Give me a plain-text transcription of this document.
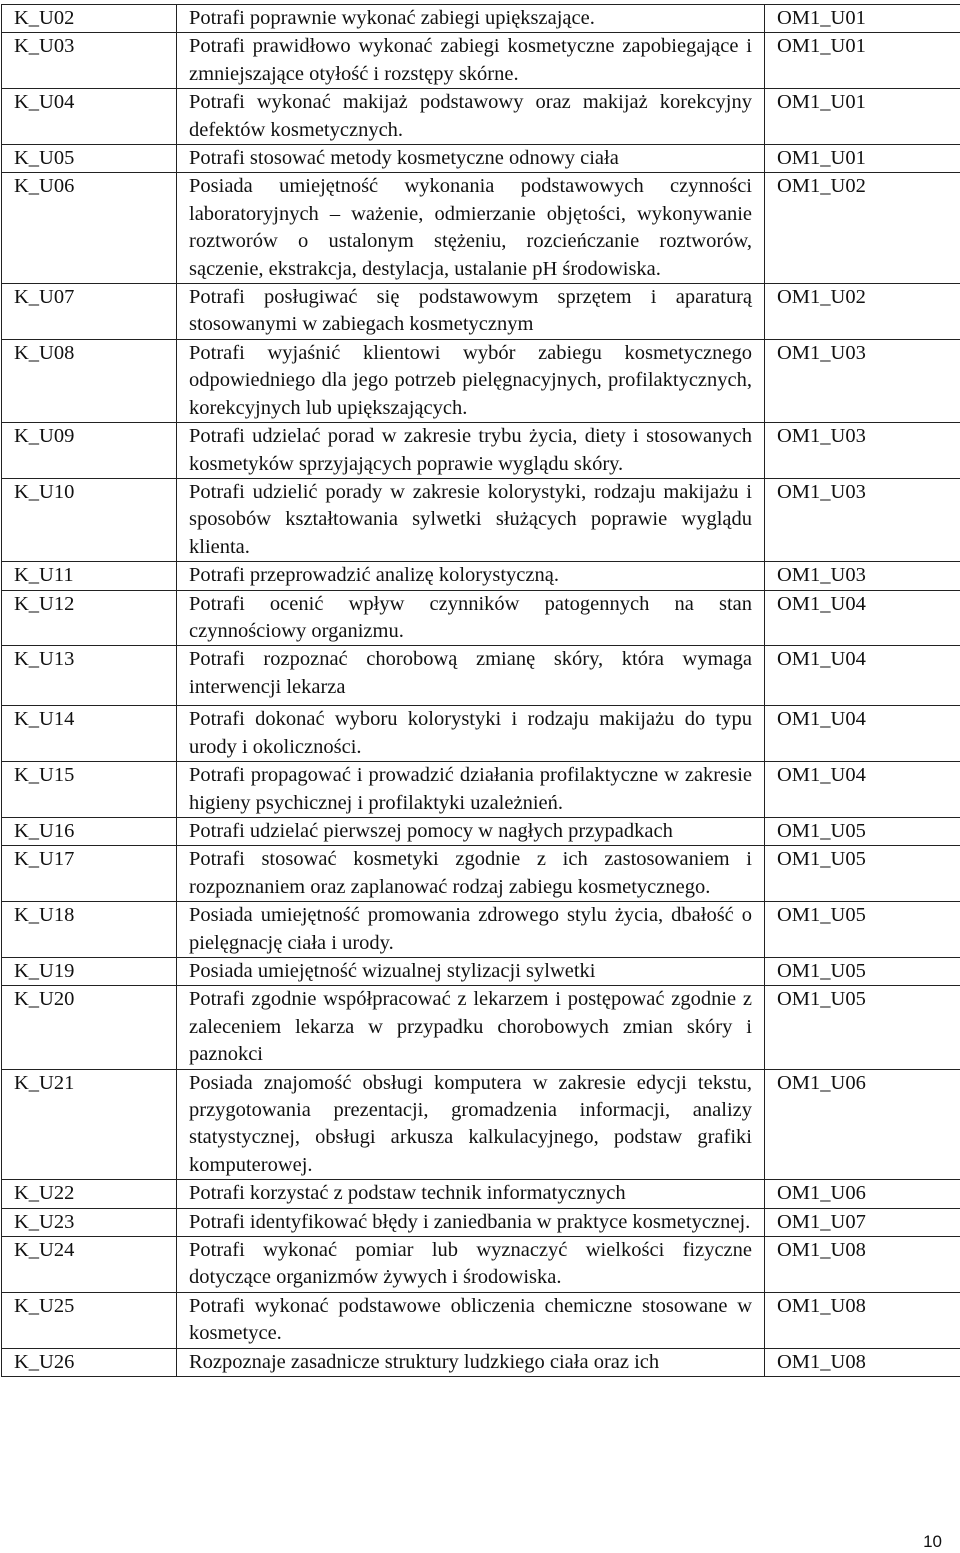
K_U02	Potrafi poprawnie wykonać zabiegi upiększające.	OM1_U01
K_U03	Potrafi prawidłowo wykonać zabiegi kosmetyczne zapobiegające i zmniejszające otyłość i rozstępy skórne.	OM1_U01
K_U04	Potrafi wykonać makijaż podstawowy oraz makijaż korekcyjny defektów kosmetycznych.	OM1_U01
K_U05	Potrafi stosować metody kosmetyczne odnowy ciała	OM1_U01
K_U06	Posiada umiejętność wykonania podstawowych czynności laboratoryjnych – ważenie, odmierzanie objętości, wykonywanie roztworów o ustalonym stężeniu, rozcieńczanie roztworów, sączenie, ekstrakcja, destylacja, ustalanie pH środowiska.	OM1_U02
K_U07	Potrafi posługiwać się podstawowym sprzętem i aparaturą stosowanymi w zabiegach kosmetycznym	OM1_U02
K_U08	Potrafi wyjaśnić klientowi wybór zabiegu kosmetycznego odpowiedniego dla jego potrzeb pielęgnacyjnych, profilaktycznych, korekcyjnych lub upiększających.	OM1_U03
K_U09	Potrafi udzielać porad w zakresie trybu życia, diety i stosowanych kosmetyków sprzyjających poprawie wyglądu skóry.	OM1_U03
K_U10	Potrafi udzielić porady w zakresie kolorystyki, rodzaju makijażu i sposobów kształtowania sylwetki służących poprawie wyglądu klienta.	OM1_U03
K_U11	Potrafi przeprowadzić analizę kolorystyczną.	OM1_U03
K_U12	Potrafi ocenić wpływ czynników patogennych na stan czynnościowy organizmu.	OM1_U04
K_U13	Potrafi rozpoznać chorobową zmianę skóry, która wymaga interwencji lekarza	OM1_U04
K_U14	Potrafi dokonać wyboru kolorystyki i rodzaju makijażu do typu urody i okoliczności.	OM1_U04
K_U15	Potrafi propagować i prowadzić działania profilaktyczne w zakresie higieny psychicznej i profilaktyki uzależnień.	OM1_U04
K_U16	Potrafi udzielać pierwszej pomocy w nagłych przypadkach	OM1_U05
K_U17	Potrafi stosować kosmetyki zgodnie z ich zastosowaniem i rozpoznaniem oraz zaplanować rodzaj zabiegu kosmetycznego.	OM1_U05
K_U18	Posiada umiejętność promowania zdrowego stylu życia, dbałość o pielęgnację ciała i urody.	OM1_U05
K_U19	Posiada umiejętność wizualnej stylizacji sylwetki	OM1_U05
K_U20	Potrafi zgodnie współpracować z lekarzem i postępować zgodnie z zaleceniem lekarza w przypadku chorobowych zmian skóry i paznokci	OM1_U05
K_U21	Posiada znajomość obsługi komputera w zakresie edycji tekstu, przygotowania prezentacji, gromadzenia informacji, analizy statystycznej, obsługi arkusza kalkulacyjnego, podstaw grafiki komputerowej.	OM1_U06
K_U22	Potrafi korzystać z podstaw technik informatycznych	OM1_U06
K_U23	Potrafi identyfikować błędy i zaniedbania w praktyce kosmetycznej.	OM1_U07
K_U24	Potrafi wykonać pomiar lub wyznaczyć wielkości fizyczne dotyczące organizmów żywych i środowiska.	OM1_U08
K_U25	Potrafi wykonać podstawowe obliczenia chemiczne stosowane w kosmetyce.	OM1_U08
K_U26	Rozpoznaje zasadnicze struktury ludzkiego ciała oraz ich	OM1_U08
10
